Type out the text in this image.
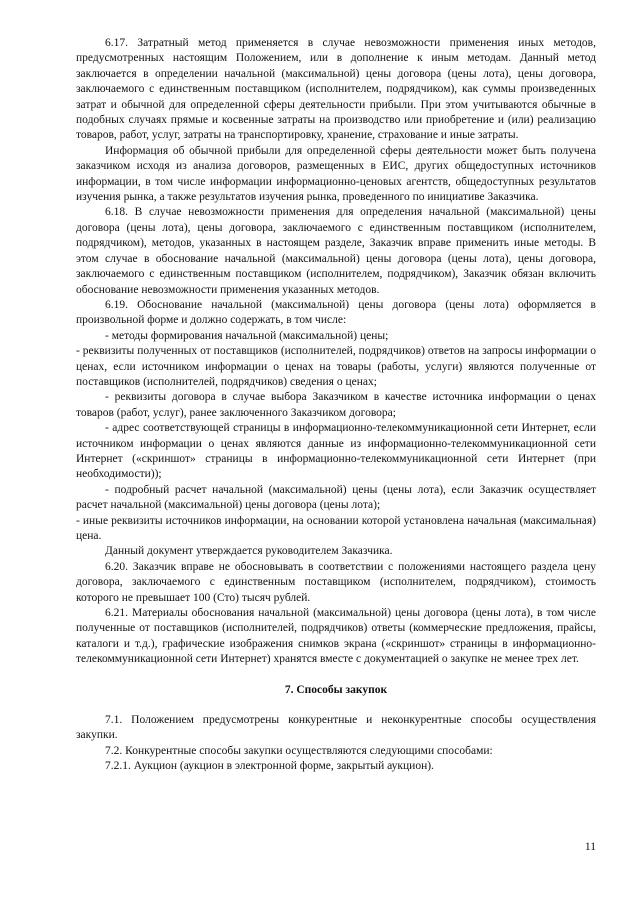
6.17. Затратный метод применяется в случае невозможности применения иных методов, предусмотренных настоящим Положением, или в дополнение к иным методам. Данный метод заключается в определении начальной (максимальной) цены договора (цены лота), цены договора, заключаемого с единственным поставщиком (исполнителем, подрядчиком), как суммы произведенных затрат и обычной для определенной сферы деятельности прибыли. При этом учитываются обычные в подобных случаях прямые и косвенные затраты на производство или приобретение и (или) реализацию товаров, работ, услуг, затраты на транспортировку, хранение, страхование и иные затраты.

Информация об обычной прибыли для определенной сферы деятельности может быть получена заказчиком исходя из анализа договоров, размещенных в ЕИС, других общедоступных источников информации, в том числе информации информационно-ценовых агентств, общедоступных результатов изучения рынка, а также результатов изучения рынка, проведенного по инициативе Заказчика.

6.18. В случае невозможности применения для определения начальной (максимальной) цены договора (цены лота), цены договора, заключаемого с единственным поставщиком (исполнителем, подрядчиком), методов, указанных в настоящем разделе, Заказчик вправе применить иные методы. В этом случае в обоснование начальной (максимальной) цены договора (цены лота), цены договора, заключаемого с единственным поставщиком (исполнителем, подрядчиком), Заказчик обязан включить обоснование невозможности применения указанных методов.

6.19. Обоснование начальной (максимальной) цены договора (цены лота) оформляется в произвольной форме и должно содержать, в том числе:

- методы формирования начальной (максимальной) цены;

- реквизиты полученных от поставщиков (исполнителей, подрядчиков) ответов на запросы информации о ценах, если источником информации о ценах на товары (работы, услуги) являются полученные от поставщиков (исполнителей, подрядчиков) сведения о ценах;

- реквизиты договора в случае выбора Заказчиком в качестве источника информации о ценах товаров (работ, услуг), ранее заключенного Заказчиком договора;

- адрес соответствующей страницы в информационно-телекоммуникационной сети Интернет, если источником информации о ценах являются данные из информационно-телекоммуникационной сети Интернет («скриншот» страницы в информационно-телекоммуникационной сети Интернет (при необходимости));

- подробный расчет начальной (максимальной) цены (цены лота), если Заказчик осуществляет расчет начальной (максимальной) цены договора (цены лота);

- иные реквизиты источников информации, на основании которой установлена начальная (максимальная) цена.

Данный документ утверждается руководителем Заказчика.

6.20. Заказчик вправе не обосновывать в соответствии с положениями настоящего раздела цену договора, заключаемого с единственным поставщиком (исполнителем, подрядчиком), стоимость которого не превышает 100 (Сто) тысяч рублей.

6.21. Материалы обоснования начальной (максимальной) цены договора (цены лота), в том числе полученные от поставщиков (исполнителей, подрядчиков) ответы (коммерческие предложения, прайсы, каталоги и т.д.), графические изображения снимков экрана («скриншот» страницы в информационно-телекоммуникационной сети Интернет) хранятся вместе с документацией о закупке не менее трех лет.

7. Способы закупок

7.1. Положением предусмотрены конкурентные и неконкурентные способы осуществления закупки.

7.2. Конкурентные способы закупки осуществляются следующими способами:

7.2.1. Аукцион (аукцион в электронной форме, закрытый аукцион).

11
